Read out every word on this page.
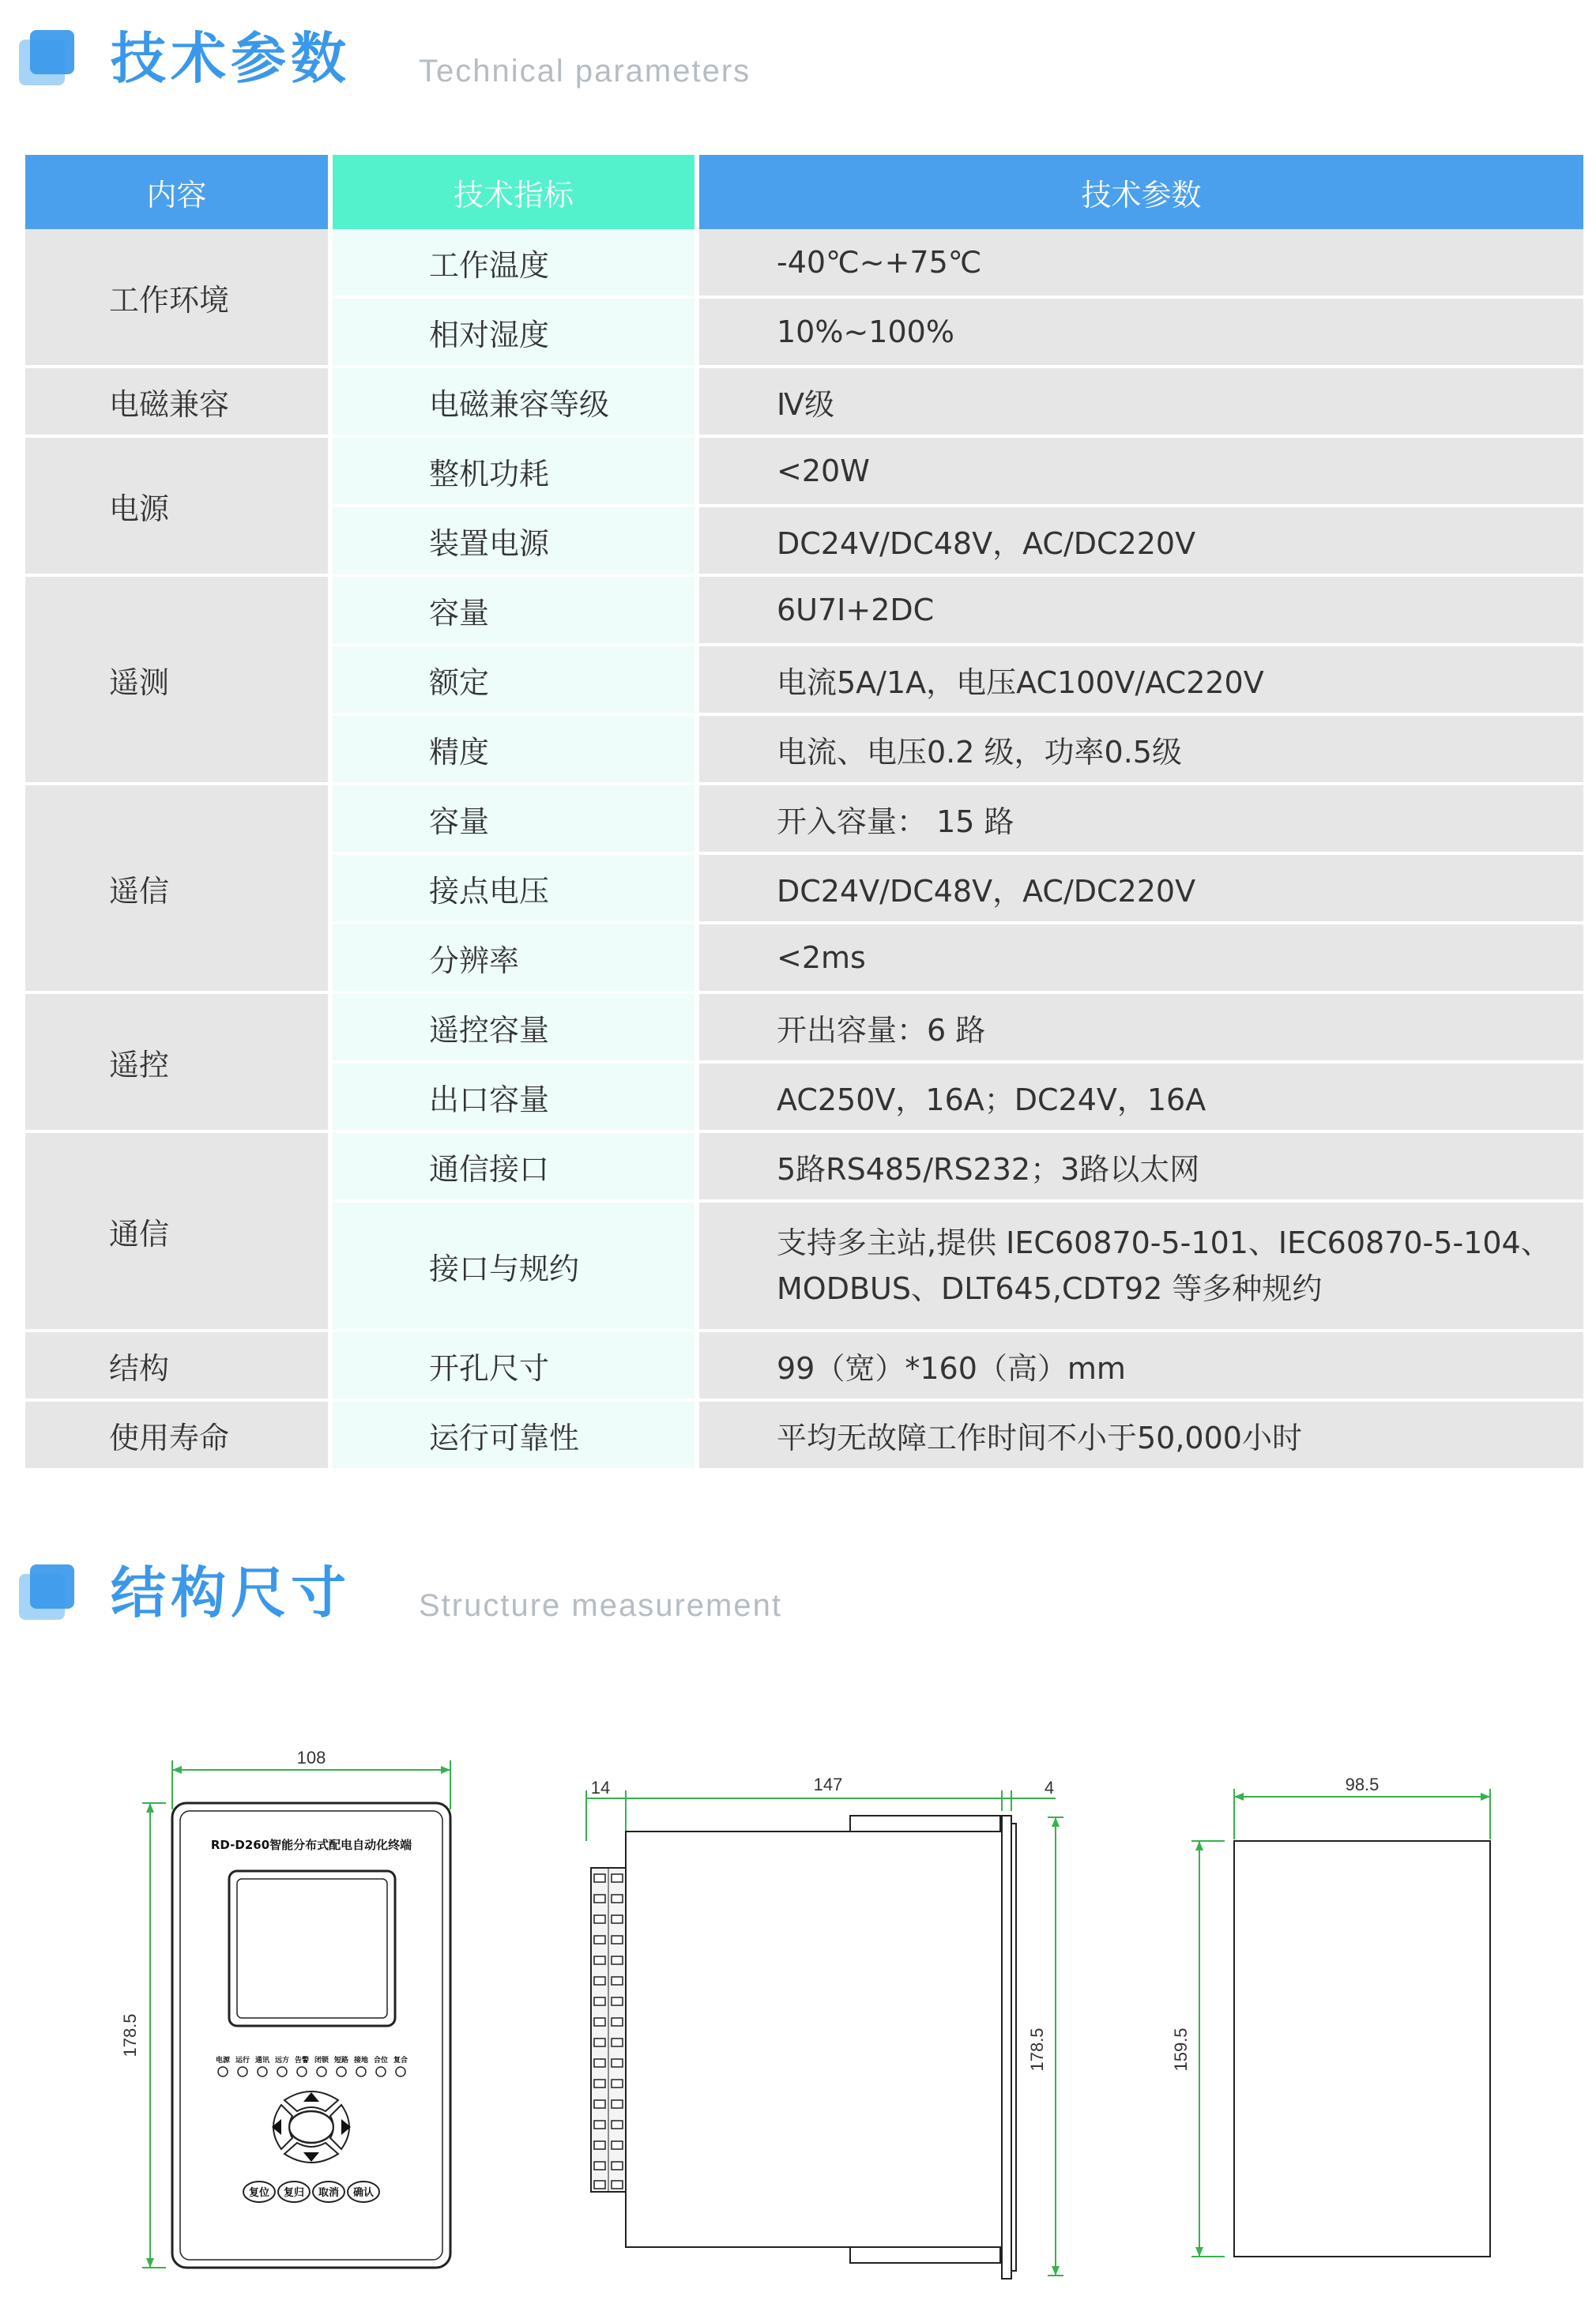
技术参数 Technical parameters
内容	技术指标	技术参数
工作环境	工作温度	-40℃~+75℃
	相对湿度	10%~100%
电磁兼容	电磁兼容等级	Ⅳ级
电源	整机功耗	<20W
	装置电源	DC24V/DC48V，AC/DC220V
遥测	容量	6U7I+2DC
	额定	电流5A/1A，电压AC100V/AC220V
	精度	电流、电压0.2 级，功率0.5级
遥信	容量	开入容量： 15 路
	接点电压	DC24V/DC48V，AC/DC220V
	分辨率	<2ms
遥控	遥控容量	开出容量：6 路
	出口容量	AC250V，16A；DC24V，16A
通信	通信接口	5路RS485/RS232；3路以太网
	接口与规约	支持多主站,提供 IEC60870-5-101、IEC60870-5-104、MODBUS、DLT645,CDT92 等多种规约
结构	开孔尺寸	99（宽）*160（高）mm
使用寿命	运行可靠性	平均无故障工作时间不小于50,000小时
结构尺寸 Structure measurement
108
178.5
14	147	4
178.5
98.5
159.5
RD-D260智能分布式配电自动化终端
电源 运行 通讯 远方 告警 闭锁 短路 接地 合位 复合
复位 复归 取消 确认
